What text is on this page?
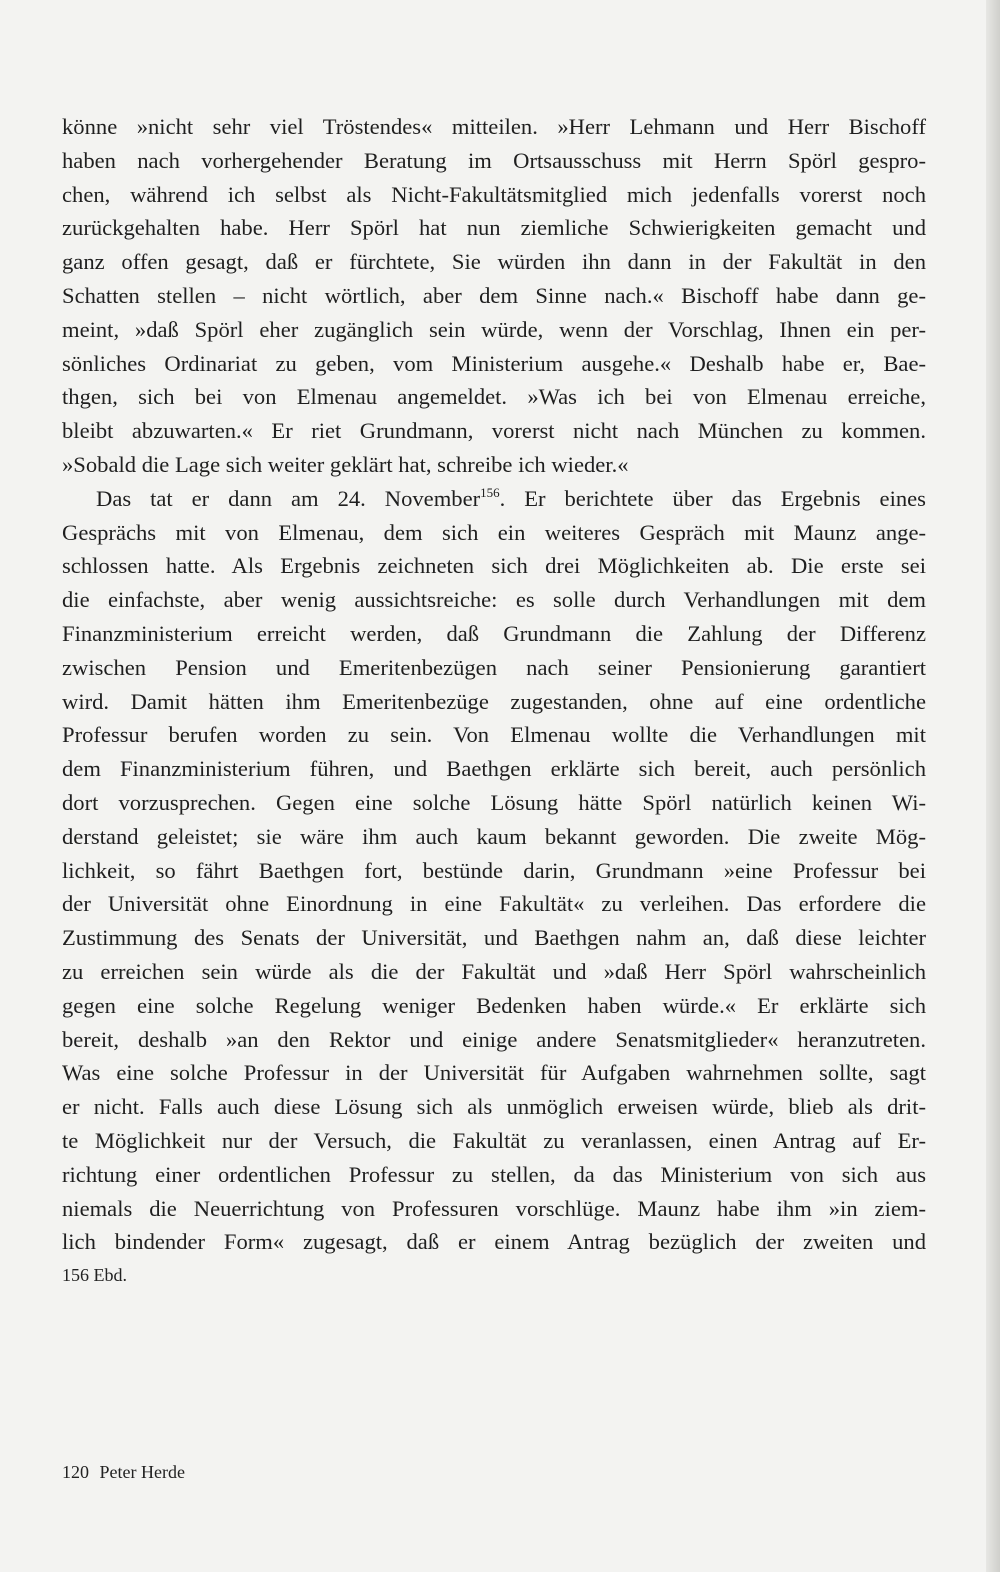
könne »nicht sehr viel Tröstendes« mitteilen. »Herr Lehmann und Herr Bischoff
haben nach vorhergehender Beratung im Ortsausschuss mit Herrn Spörl gespro-
chen, während ich selbst als Nicht-Fakultätsmitglied mich jedenfalls vorerst noch
zurückgehalten habe. Herr Spörl hat nun ziemliche Schwierigkeiten gemacht und
ganz offen gesagt, daß er fürchtete, Sie würden ihn dann in der Fakultät in den
Schatten stellen – nicht wörtlich, aber dem Sinne nach.« Bischoff habe dann ge-
meint, »daß Spörl eher zugänglich sein würde, wenn der Vorschlag, Ihnen ein per-
sönliches Ordinariat zu geben, vom Ministerium ausgehe.« Deshalb habe er, Bae-
thgen, sich bei von Elmenau angemeldet. »Was ich bei von Elmenau erreiche,
bleibt abzuwarten.« Er riet Grundmann, vorerst nicht nach München zu kommen.
»Sobald die Lage sich weiter geklärt hat, schreibe ich wieder.«
Das tat er dann am 24. November$^{156}$. Er berichtete über das Ergebnis eines
Gesprächs mit von Elmenau, dem sich ein weiteres Gespräch mit Maunz ange-
schlossen hatte. Als Ergebnis zeichneten sich drei Möglichkeiten ab. Die erste sei
die einfachste, aber wenig aussichtsreiche: es solle durch Verhandlungen mit dem
Finanzministerium erreicht werden, daß Grundmann die Zahlung der Differenz
zwischen Pension und Emeritenbezügen nach seiner Pensionierung garantiert
wird. Damit hätten ihm Emeritenbezüge zugestanden, ohne auf eine ordentliche
Professur berufen worden zu sein. Von Elmenau wollte die Verhandlungen mit
dem Finanzministerium führen, und Baethgen erklärte sich bereit, auch persönlich
dort vorzusprechen. Gegen eine solche Lösung hätte Spörl natürlich keinen Wi-
derstand geleistet; sie wäre ihm auch kaum bekannt geworden. Die zweite Mög-
lichkeit, so fährt Baethgen fort, bestünde darin, Grundmann »eine Professur bei
der Universität ohne Einordnung in eine Fakultät« zu verleihen. Das erfordere die
Zustimmung des Senats der Universität, und Baethgen nahm an, daß diese leichter
zu erreichen sein würde als die der Fakultät und »daß Herr Spörl wahrscheinlich
gegen eine solche Regelung weniger Bedenken haben würde.« Er erklärte sich
bereit, deshalb »an den Rektor und einige andere Senatsmitglieder« heranzutreten.
Was eine solche Professur in der Universität für Aufgaben wahrnehmen sollte, sagt
er nicht. Falls auch diese Lösung sich als unmöglich erweisen würde, blieb als drit-
te Möglichkeit nur der Versuch, die Fakultät zu veranlassen, einen Antrag auf Er-
richtung einer ordentlichen Professur zu stellen, da das Ministerium von sich aus
niemals die Neuerrichtung von Professuren vorschlüge. Maunz habe ihm »in ziem-
lich bindender Form« zugesagt, daß er einem Antrag bezüglich der zweiten und
156 Ebd.
120 Peter Herde
